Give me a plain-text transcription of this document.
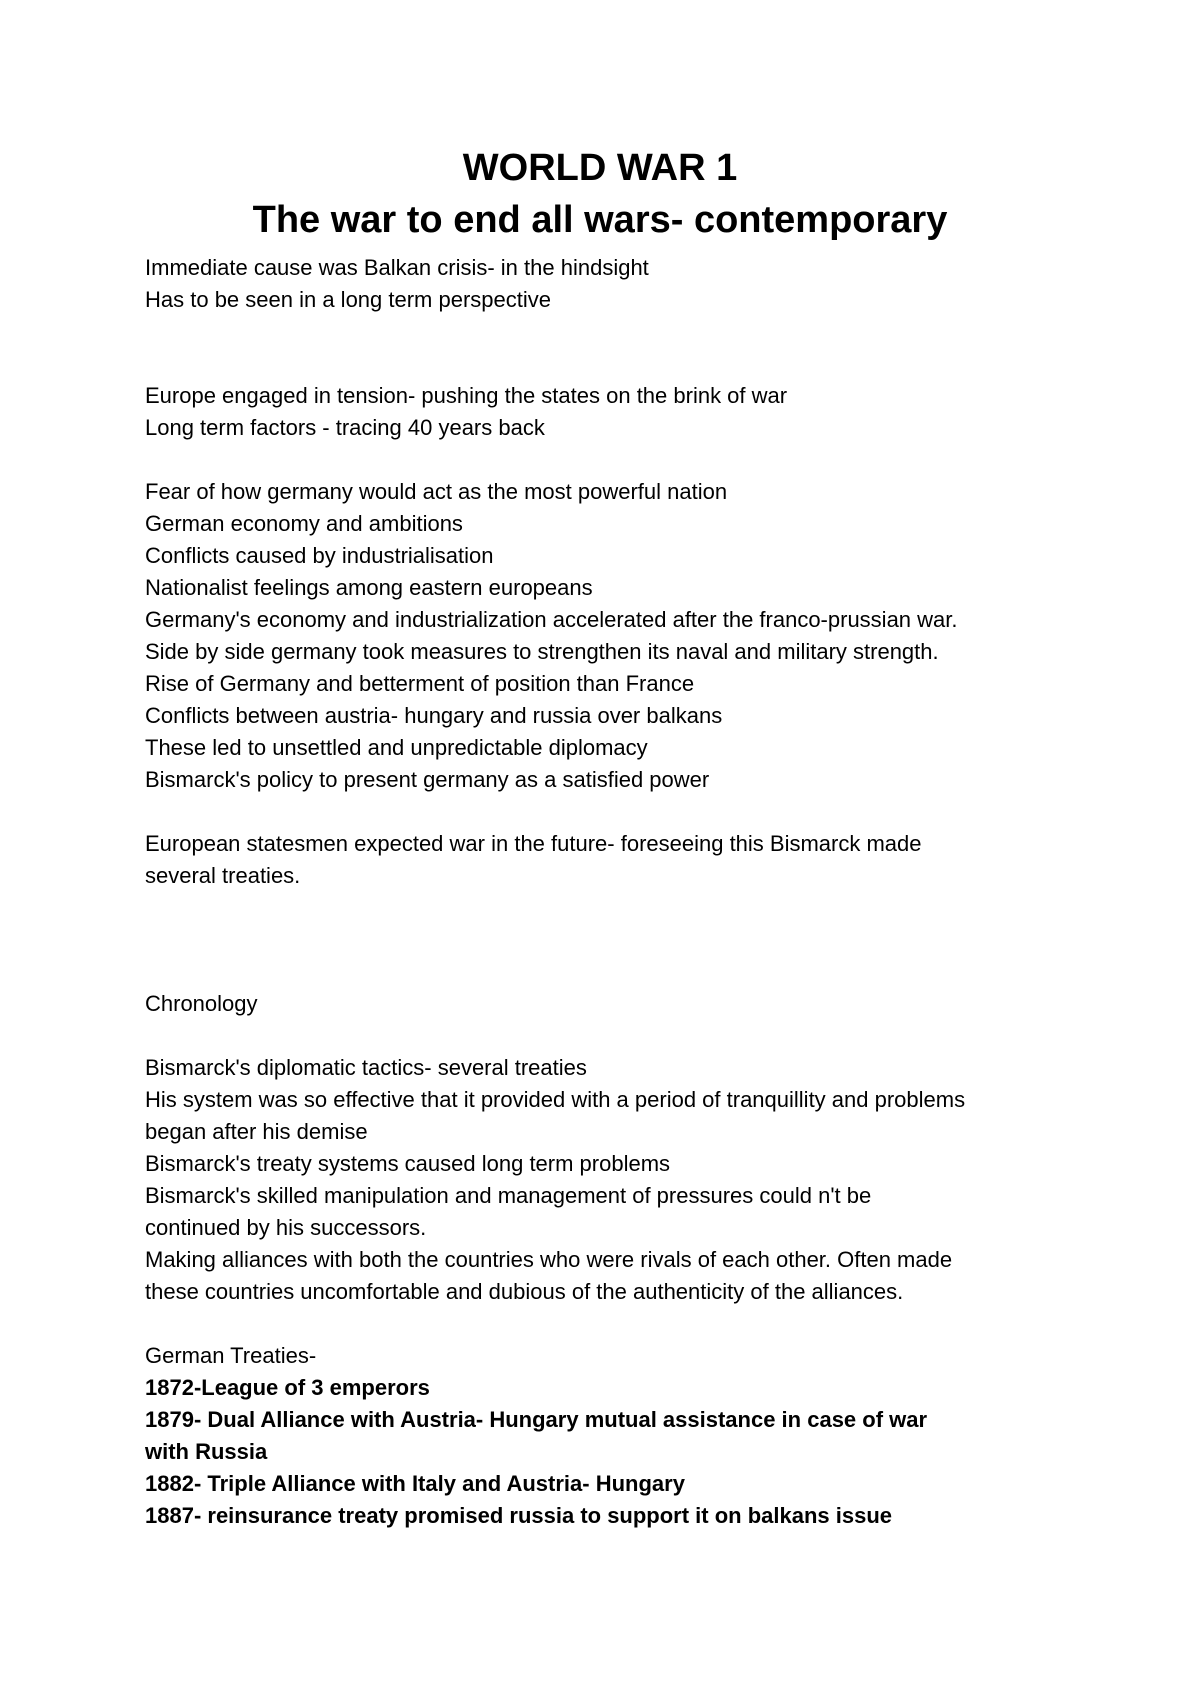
WORLD WAR 1
The war to end all wars- contemporary

Immediate cause was Balkan crisis- in the hindsight

Has to be seen in a long term perspective

Europe engaged in tension- pushing the states on the brink of war

Long term factors - tracing 40 years back

Fear of how germany would act as the most powerful nation

German economy and ambitions

Conflicts caused by industrialisation

Nationalist feelings among eastern europeans

Germany's economy and industrialization accelerated after the franco-prussian war.

Side by side germany took measures to strengthen its naval and military strength.

Rise of Germany and betterment of position than France

Conflicts between austria- hungary and russia over balkans

These led to unsettled and unpredictable diplomacy

Bismarck's policy to present germany as a satisfied power

European statesmen expected war in the future- foreseeing this Bismarck made

several treaties.

Chronology

Bismarck's diplomatic tactics- several treaties

His system was so effective that it provided with a period of tranquillity and problems

began after his demise

Bismarck's treaty systems caused long term problems

Bismarck's skilled manipulation and management of pressures could n't be

continued by his successors.

Making alliances with both the countries who were rivals of each other. Often made

these countries uncomfortable and dubious of the authenticity of the alliances.

German Treaties-

1872-League of 3 emperors

1879- Dual Alliance with Austria- Hungary mutual assistance in case of war

with Russia

1882- Triple Alliance with Italy and Austria- Hungary

1887- reinsurance treaty promised russia to support it on balkans issue
